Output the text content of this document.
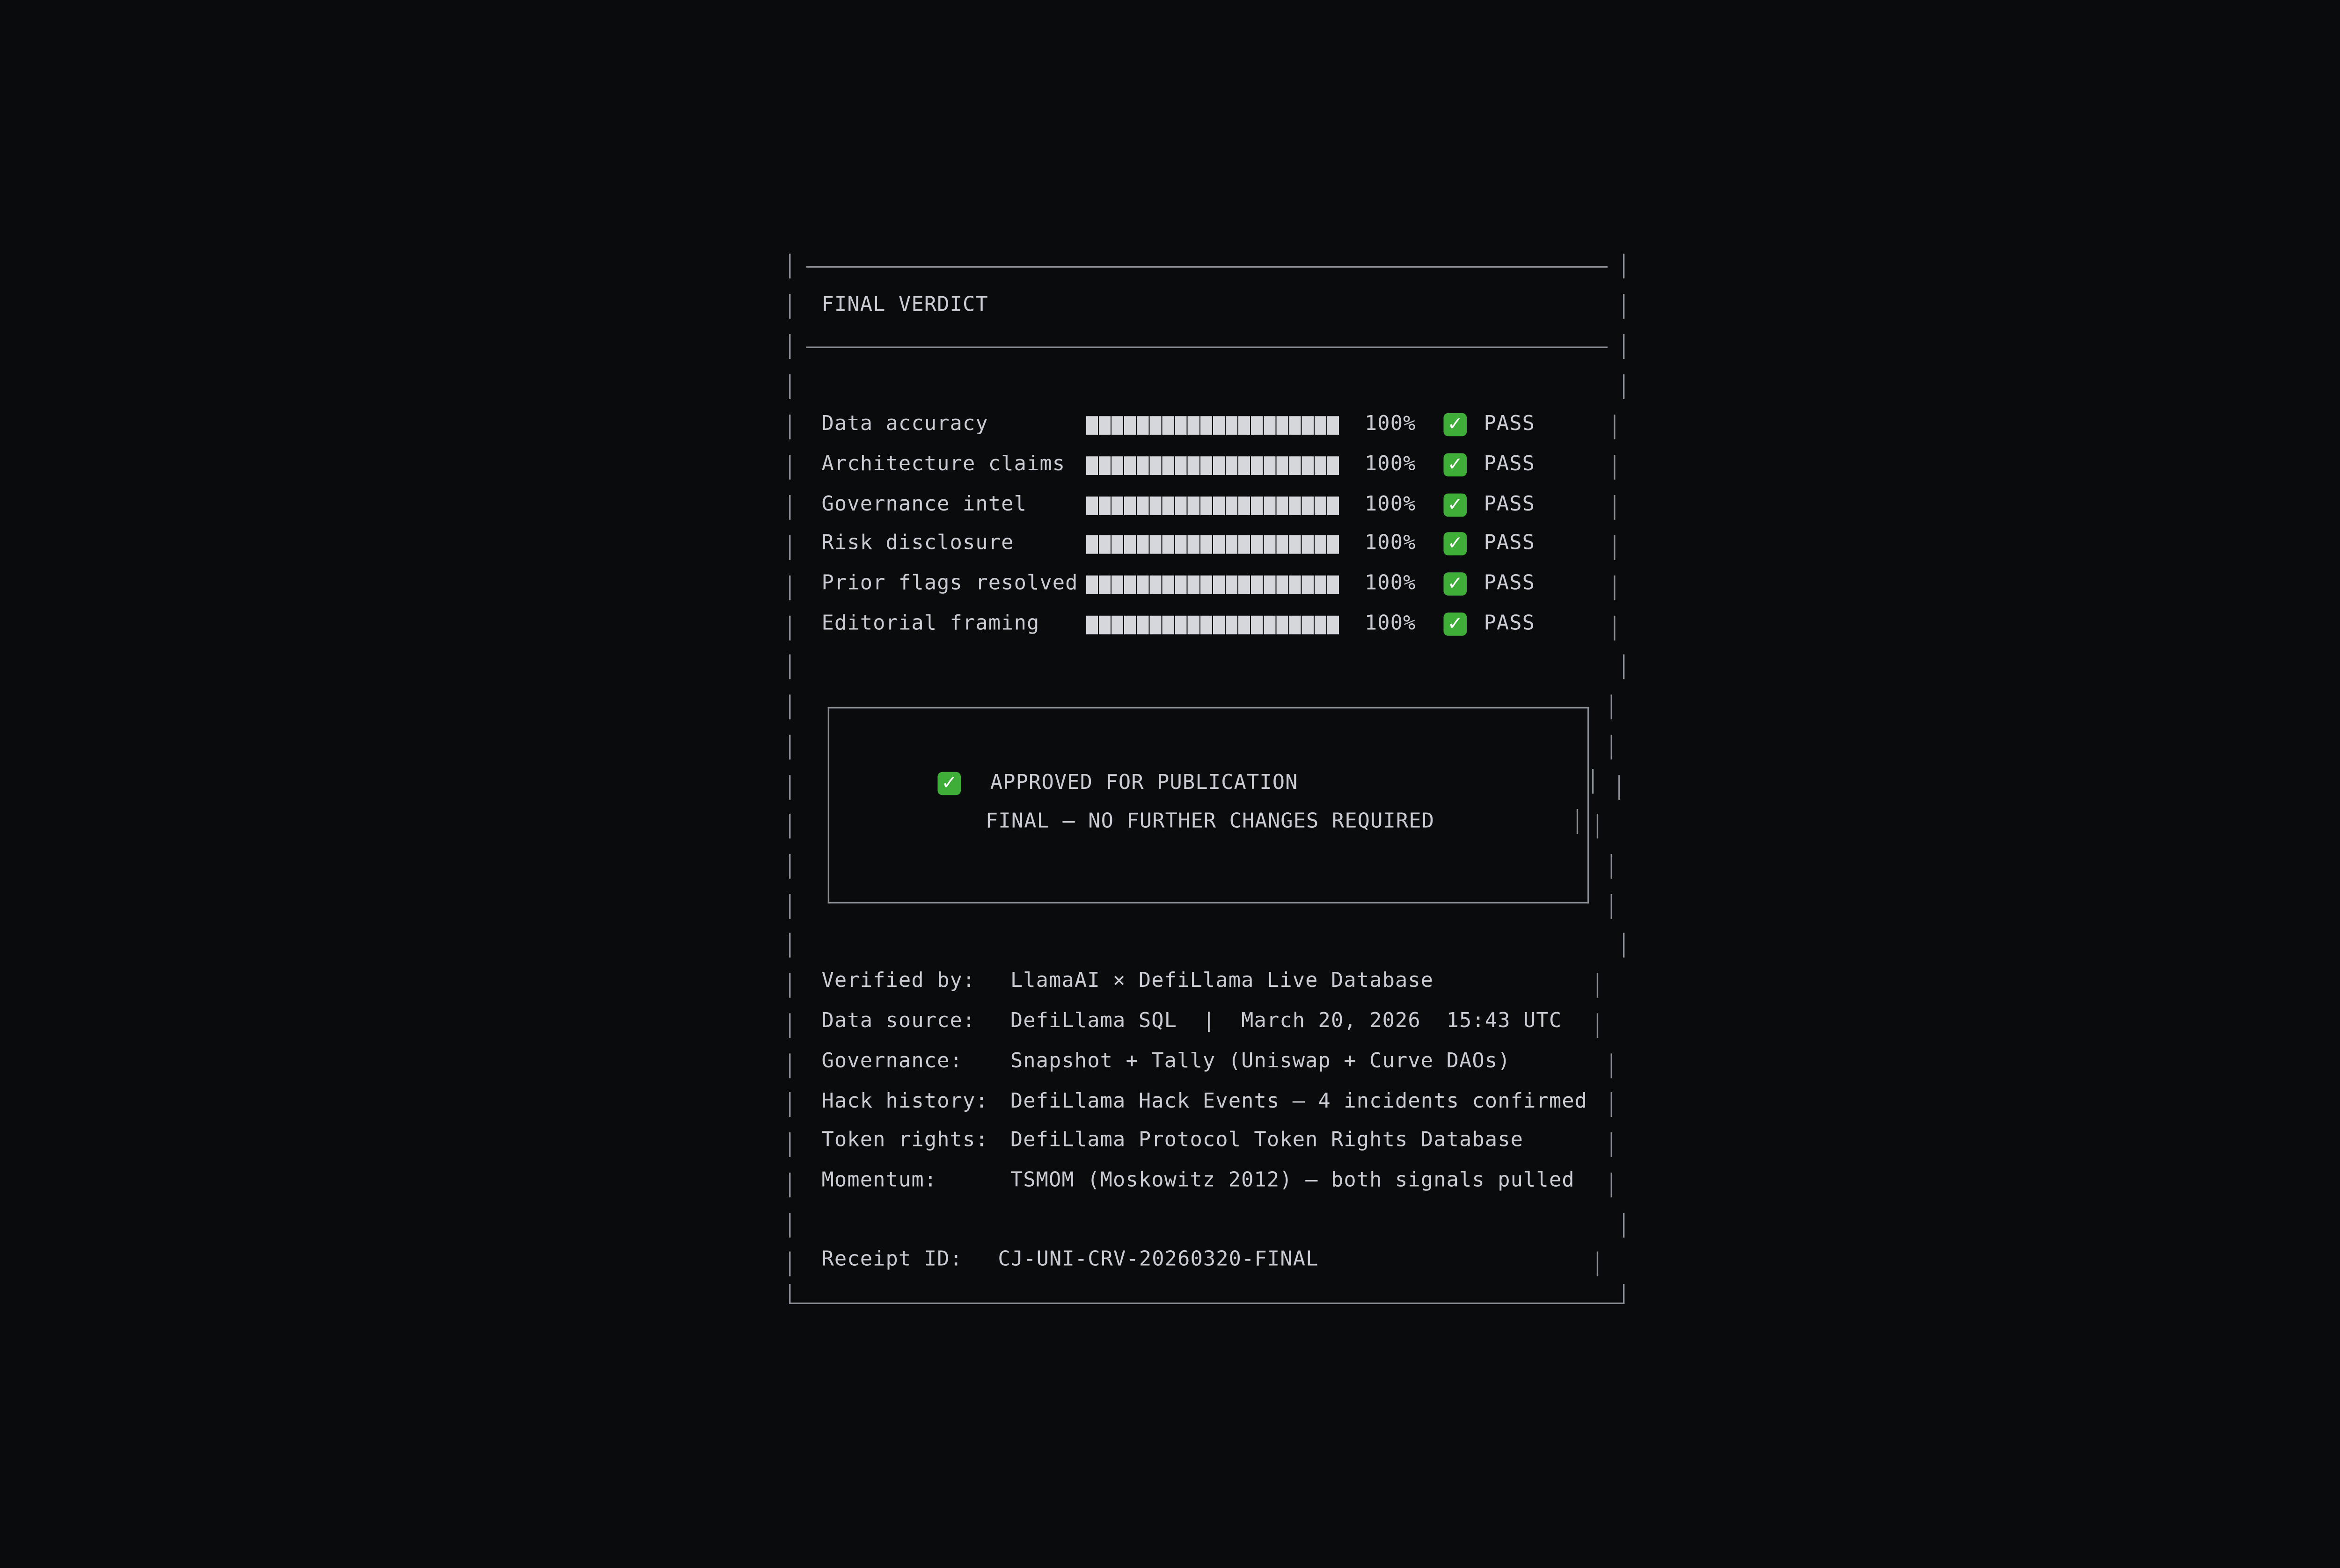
FINAL VERDICT
Data accuracy	100%	✓	PASS
Architecture claims	100%	✓	PASS
Governance intel	100%	✓	PASS
Risk disclosure	100%	✓	PASS
Prior flags resolved	100%	✓	PASS
Editorial framing	100%	✓	PASS
✓	APPROVED FOR PUBLICATION
FINAL — NO FURTHER CHANGES REQUIRED
Verified by:	LlamaAI × DefiLlama Live Database
Data source:	DefiLlama SQL  |  March 20, 2026  15:43 UTC
Governance:	Snapshot + Tally (Uniswap + Curve DAOs)
Hack history:	DefiLlama Hack Events — 4 incidents confirmed
Token rights:	DefiLlama Protocol Token Rights Database
Momentum:	TSMOM (Moskowitz 2012) — both signals pulled
Receipt ID:	CJ-UNI-CRV-20260320-FINAL
